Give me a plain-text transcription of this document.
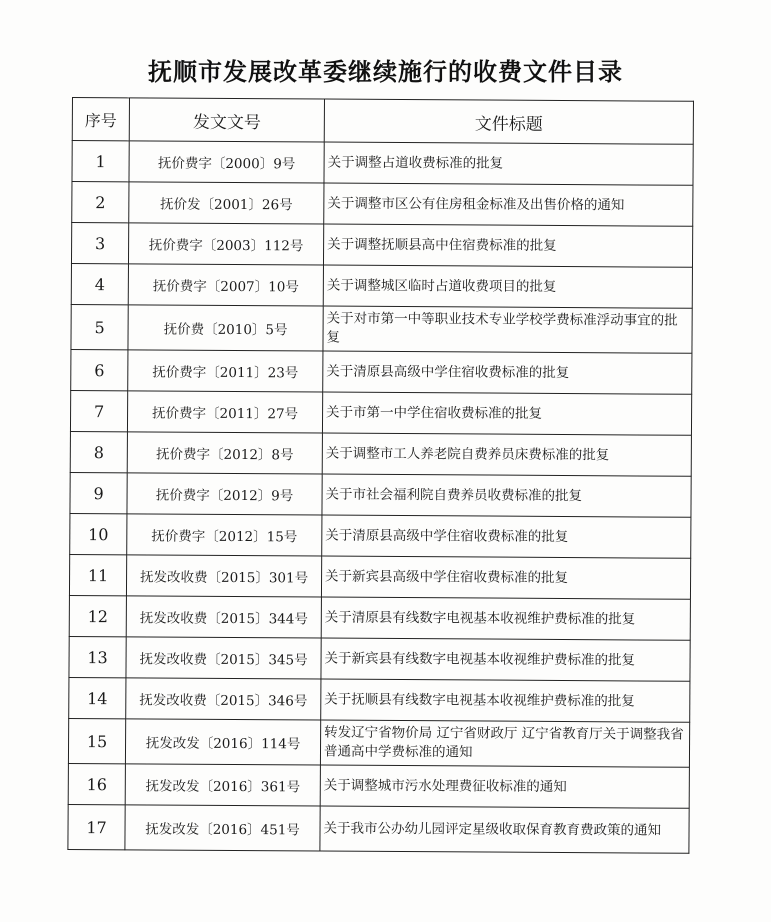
抚顺市发展改革委继续施行的收费文件目录
序号	发文文号	文件标题
1	抚价费字〔2000〕9号	关于调整占道收费标准的批复
2	抚价发〔2001〕26号	关于调整市区公有住房租金标准及出售价格的通知
3	抚价费字〔2003〕112号	关于调整抚顺县高中住宿费标准的批复
4	抚价费字〔2007〕10号	关于调整城区临时占道收费项目的批复
5	抚价费〔2010〕5号	关于对市第一中等职业技术专业学校学费标准浮动事宜的批复
6	抚价费字〔2011〕23号	关于清原县高级中学住宿收费标准的批复
7	抚价费字〔2011〕27号	关于市第一中学住宿收费标准的批复
8	抚价费字〔2012〕8号	关于调整市工人养老院自费养员床费标准的批复
9	抚价费字〔2012〕9号	关于市社会福利院自费养员收费标准的批复
10	抚价费字〔2012〕15号	关于清原县高级中学住宿收费标准的批复
11	抚发改收费〔2015〕301号	关于新宾县高级中学住宿收费标准的批复
12	抚发改收费〔2015〕344号	关于清原县有线数字电视基本收视维护费标准的批复
13	抚发改收费〔2015〕345号	关于新宾县有线数字电视基本收视维护费标准的批复
14	抚发改收费〔2015〕346号	关于抚顺县有线数字电视基本收视维护费标准的批复
15	抚发改发〔2016〕114号	转发辽宁省物价局 辽宁省财政厅 辽宁省教育厅关于调整我省普通高中学费标准的通知
16	抚发改发〔2016〕361号	关于调整城市污水处理费征收标准的通知
17	抚发改发〔2016〕451号	关于我市公办幼儿园评定星级收取保育教育费政策的通知
